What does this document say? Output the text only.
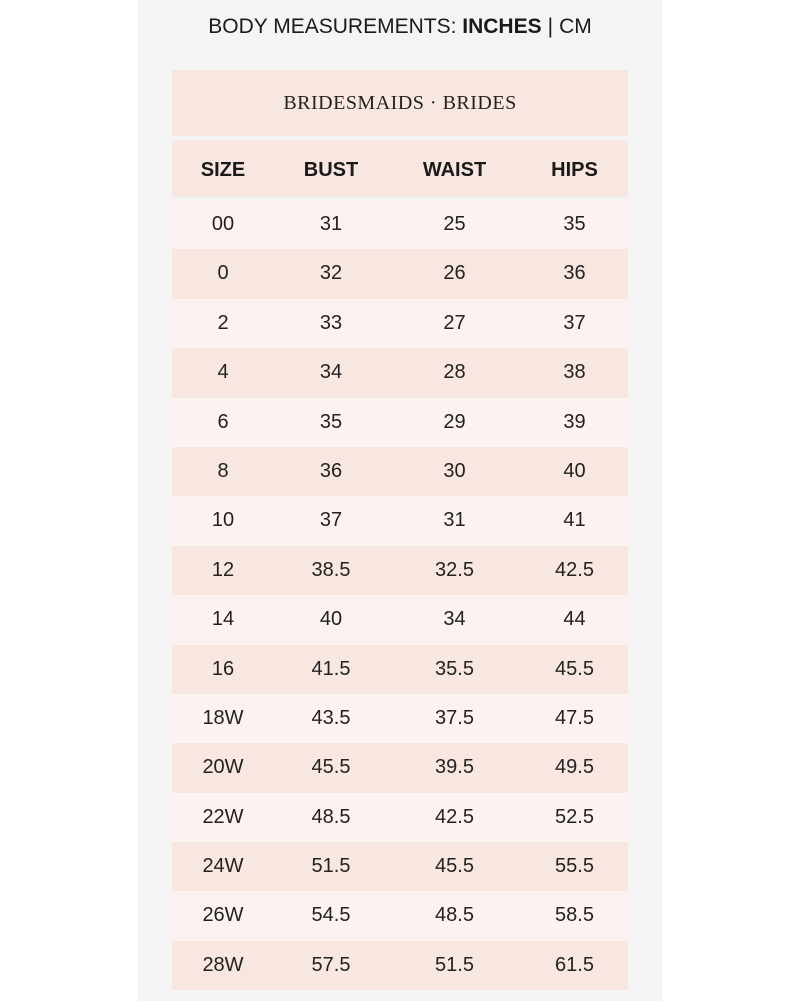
BODY MEASUREMENTS: INCHES | CM
BRIDESMAIDS · BRIDES
SIZE	BUST	WAIST	HIPS
00	31	25	35
0	32	26	36
2	33	27	37
4	34	28	38
6	35	29	39
8	36	30	40
10	37	31	41
12	38.5	32.5	42.5
14	40	34	44
16	41.5	35.5	45.5
18W	43.5	37.5	47.5
20W	45.5	39.5	49.5
22W	48.5	42.5	52.5
24W	51.5	45.5	55.5
26W	54.5	48.5	58.5
28W	57.5	51.5	61.5
